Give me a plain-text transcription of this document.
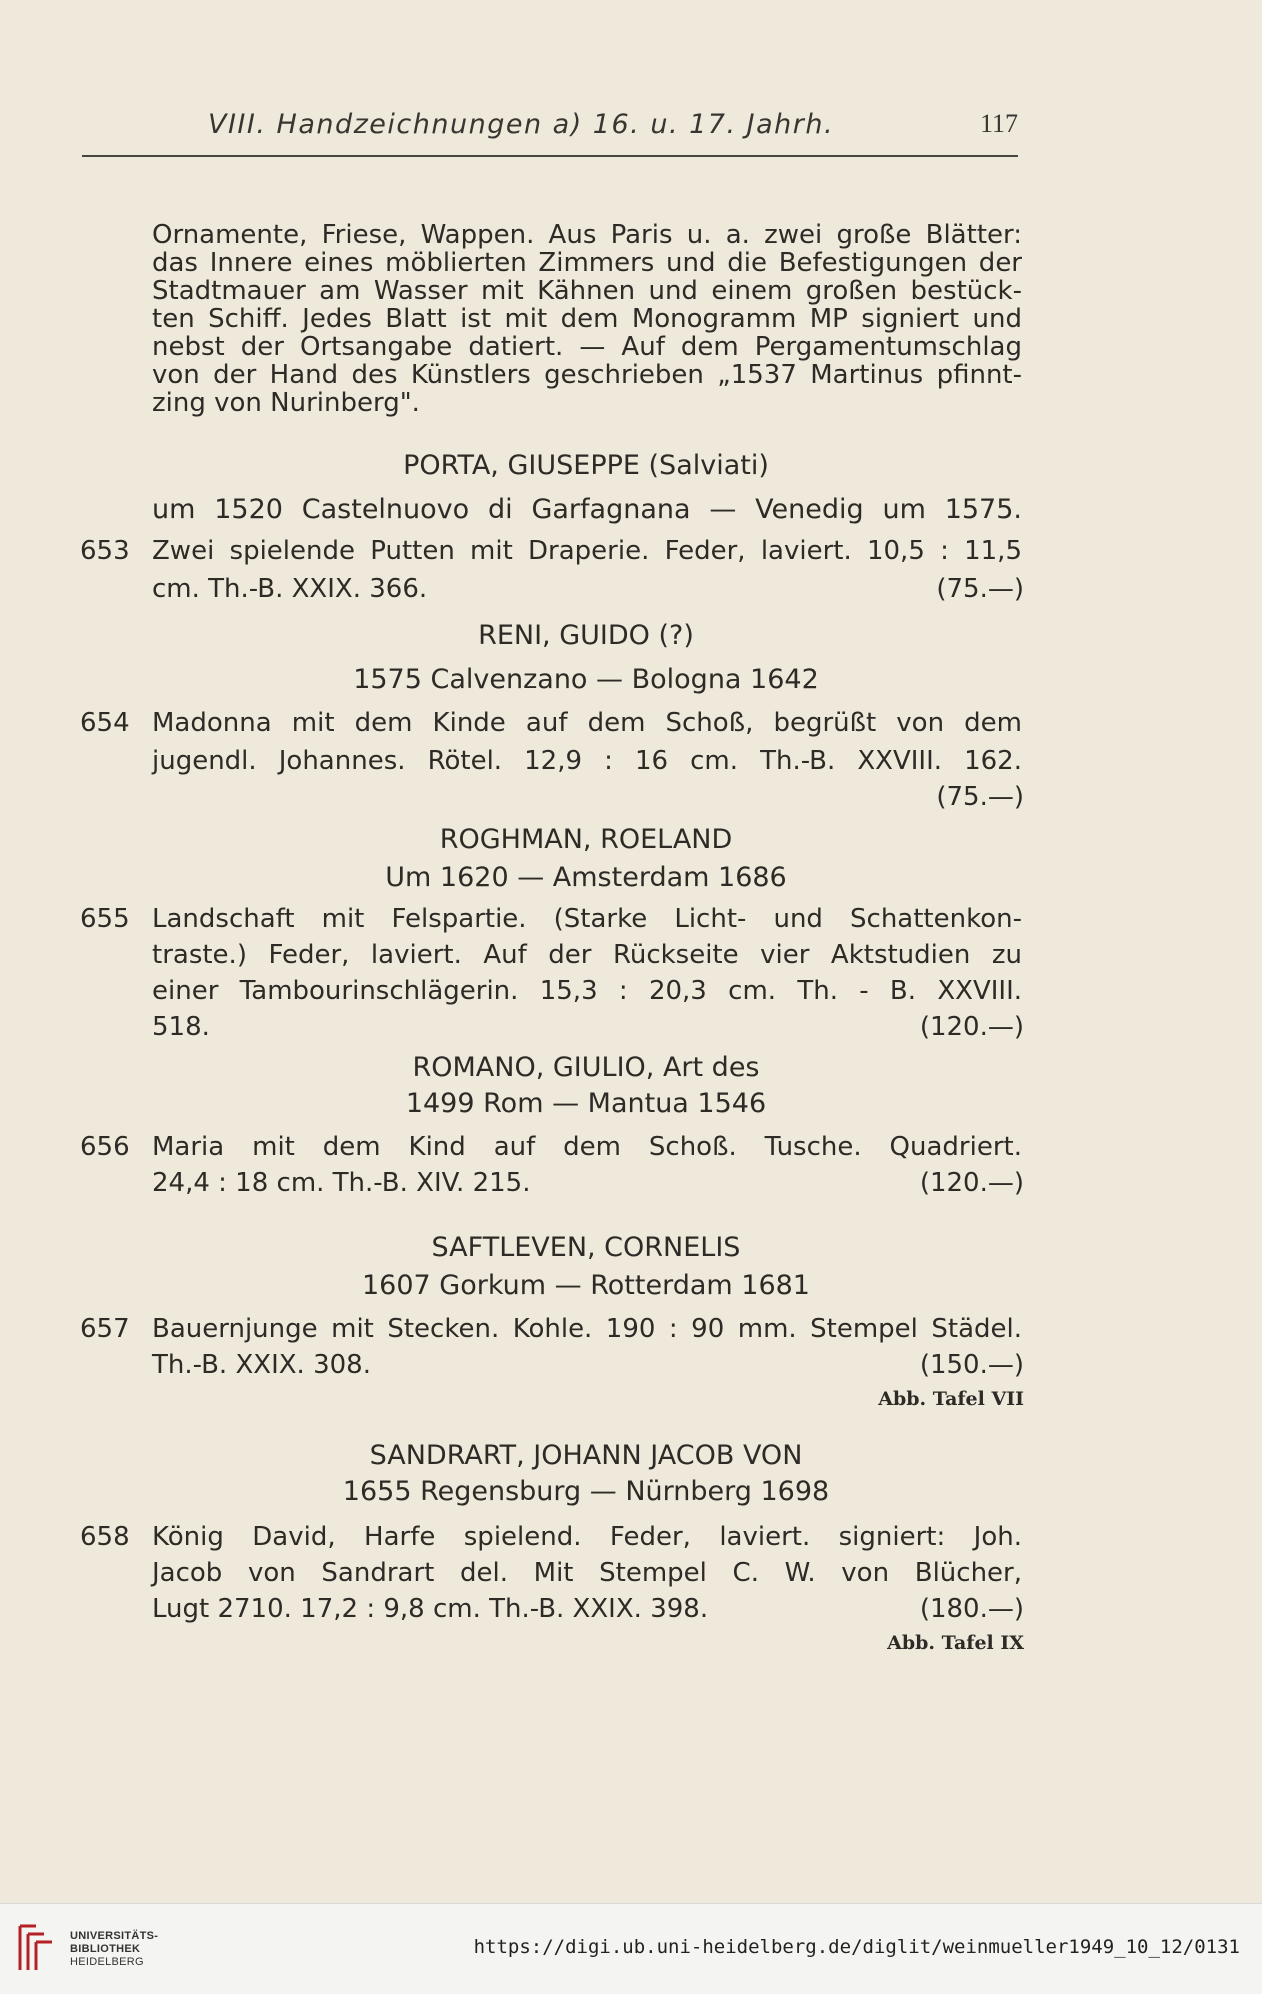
VIII. Handzeichnungen a) 16. u. 17. Jahrh.	117
Ornamente, Friese, Wappen. Aus Paris u. a. zwei große Blätter:
das Innere eines möblierten Zimmers und die Befestigungen der
Stadtmauer am Wasser mit Kähnen und einem großen bestück-
ten Schiff. Jedes Blatt ist mit dem Monogramm MP signiert und
nebst der Ortsangabe datiert. — Auf dem Pergamentumschlag
von der Hand des Künstlers geschrieben „1537 Martinus pfinnt-
zing von Nurinberg".
PORTA, GIUSEPPE (Salviati)
um 1520 Castelnuovo di Garfagnana — Venedig um 1575.
653 Zwei spielende Putten mit Draperie. Feder, laviert. 10,5 : 11,5
cm. Th.-B. XXIX. 366.	(75.—)
RENI, GUIDO (?)
1575 Calvenzano — Bologna 1642
654 Madonna mit dem Kinde auf dem Schoß, begrüßt von dem
jugendl. Johannes. Rötel. 12,9 : 16 cm. Th.-B. XXVIII. 162.
(75.—)
ROGHMAN, ROELAND
Um 1620 — Amsterdam 1686
655 Landschaft mit Felspartie. (Starke Licht- und Schattenkon-
traste.) Feder, laviert. Auf der Rückseite vier Aktstudien zu
einer Tambourinschlägerin. 15,3 : 20,3 cm. Th. - B. XXVIII.
518.	(120.—)
ROMANO, GIULIO, Art des
1499 Rom — Mantua 1546
656 Maria mit dem Kind auf dem Schoß. Tusche. Quadriert.
24,4 : 18 cm. Th.-B. XIV. 215.	(120.—)
SAFTLEVEN, CORNELIS
1607 Gorkum — Rotterdam 1681
657 Bauernjunge mit Stecken. Kohle. 190 : 90 mm. Stempel Städel.
Th.-B. XXIX. 308.	(150.—)
Abb. Tafel VII
SANDRART, JOHANN JACOB VON
1655 Regensburg — Nürnberg 1698
658 König David, Harfe spielend. Feder, laviert. signiert: Joh.
Jacob von Sandrart del. Mit Stempel C. W. von Blücher,
Lugt 2710. 17,2 : 9,8 cm. Th.-B. XXIX. 398.	(180.—)
Abb. Tafel IX
UNIVERSITÄTS-
BIBLIOTHEK
HEIDELBERG
https://digi.ub.uni-heidelberg.de/diglit/weinmueller1949_10_12/0131
